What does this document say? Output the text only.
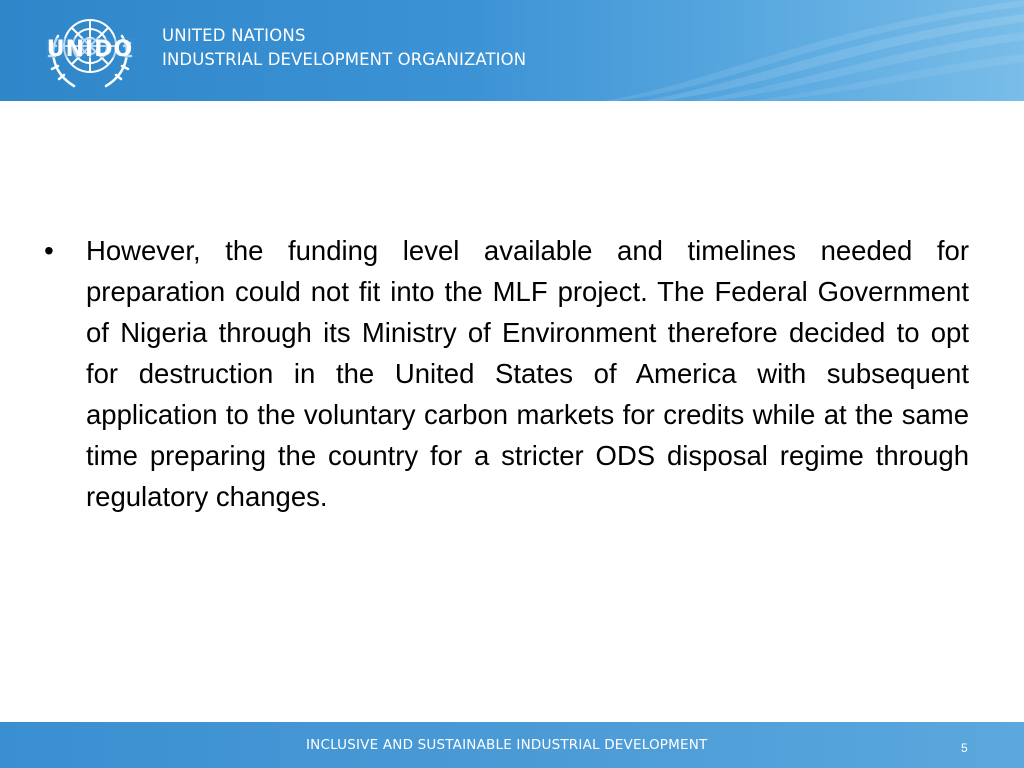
UNIDO
UNITED NATIONS
INDUSTRIAL DEVELOPMENT ORGANIZATION
•	However, the funding level available and timelines needed for preparation could not fit into the MLF project. The Federal Government of Nigeria through its Ministry of Environment therefore decided to opt for destruction in the United States of America with subsequent application to the voluntary carbon markets for credits while at the same time preparing the country for a stricter ODS disposal regime through regulatory changes.
INCLUSIVE AND SUSTAINABLE INDUSTRIAL DEVELOPMENT	5
